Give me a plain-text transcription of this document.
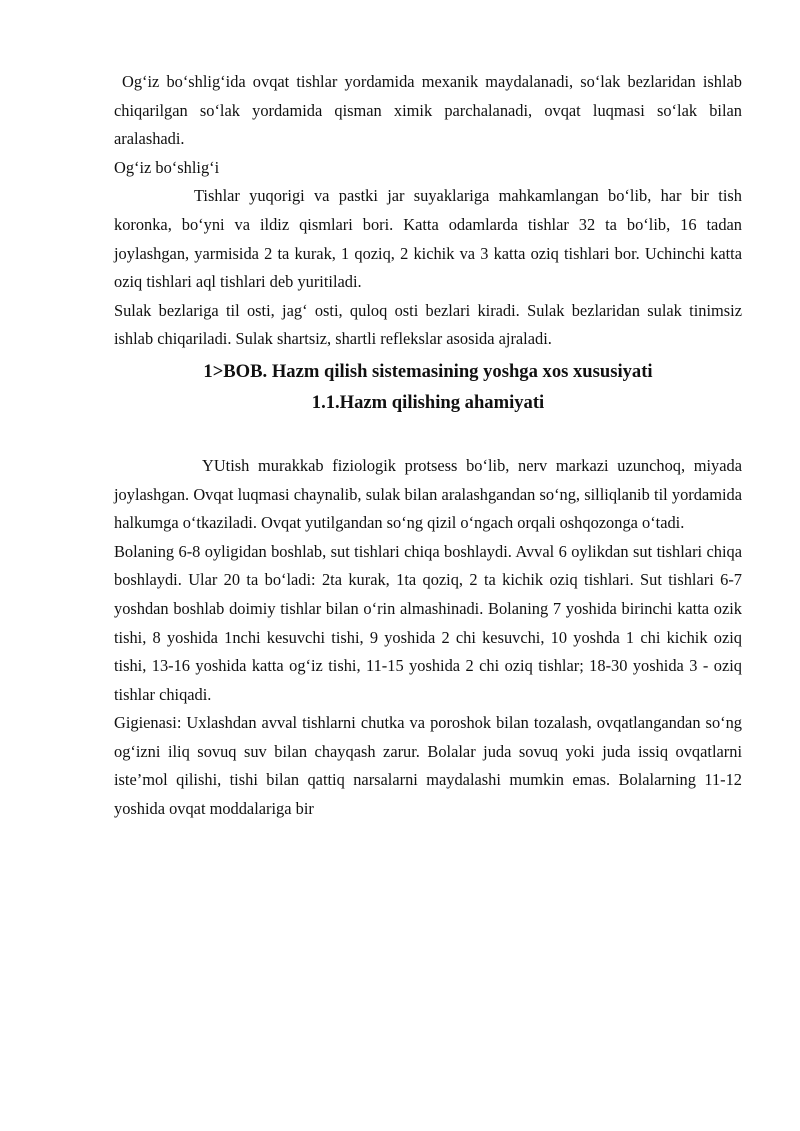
Og‘iz bo‘shlig‘ida ovqat tishlar yordamida mexanik maydalanadi, so‘lak bezlaridan ishlab chiqarilgan so‘lak yordamida qisman ximik parchalanadi, ovqat luqmasi so‘lak bilan aralashadi.

Og‘iz bo‘shlig‘i

Tishlar yuqorigi va pastki jar suyaklariga mahkamlangan bo‘lib, har bir tish koronka, bo‘yni va ildiz qismlari bori. Katta odamlarda tishlar 32 ta bo‘lib, 16 tadan joylashgan, yarmisida 2 ta kurak, 1 qoziq, 2 kichik va 3 katta oziq tishlari bor. Uchinchi katta oziq tishlari aql tishlari deb yuritiladi.

Sulak bezlariga til osti, jag‘ osti, quloq osti bezlari kiradi. Sulak bezlaridan sulak tinimsiz ishlab chiqariladi. Sulak shartsiz, shartli reflekslar asosida ajraladi.

1>BOB. Hazm qilish sistemasining yoshga xos xususiyati
1.1.Hazm qilishing ahamiyati

YUtish murakkab fiziologik protsess bo‘lib, nerv markazi uzunchoq, miyada joylashgan. Ovqat luqmasi chaynalib, sulak bilan aralashgandan so‘ng, silliqlanib til yordamida halkumga o‘tkaziladi. Ovqat yutilgandan so‘ng qizil o‘ngach orqali oshqozonga o‘tadi.

Bolaning 6-8 oyligidan boshlab, sut tishlari chiqa boshlaydi. Avval 6 oylikdan sut tishlari chiqa boshlaydi. Ular 20 ta bo‘ladi: 2ta kurak, 1ta qoziq, 2 ta kichik oziq tishlari. Sut tishlari 6-7 yoshdan boshlab doimiy tishlar bilan o‘rin almashinadi. Bolaning 7 yoshida birinchi katta ozik tishi, 8 yoshida 1nchi kesuvchi tishi, 9 yoshida 2 chi kesuvchi, 10 yoshda 1 chi kichik oziq tishi, 13-16 yoshida katta og‘iz tishi, 11-15 yoshida 2 chi oziq tishlar; 18-30 yoshida 3 - oziq tishlar chiqadi.

Gigienasi: Uxlashdan avval tishlarni chutka va poroshok bilan tozalash, ovqatlangandan so‘ng og‘izni iliq sovuq suv bilan chayqash zarur. Bolalar juda sovuq yoki juda issiq ovqatlarni iste’mol qilishi, tishi bilan qattiq narsalarni maydalashi mumkin emas. Bolalarning 11-12 yoshida ovqat moddalariga bir
